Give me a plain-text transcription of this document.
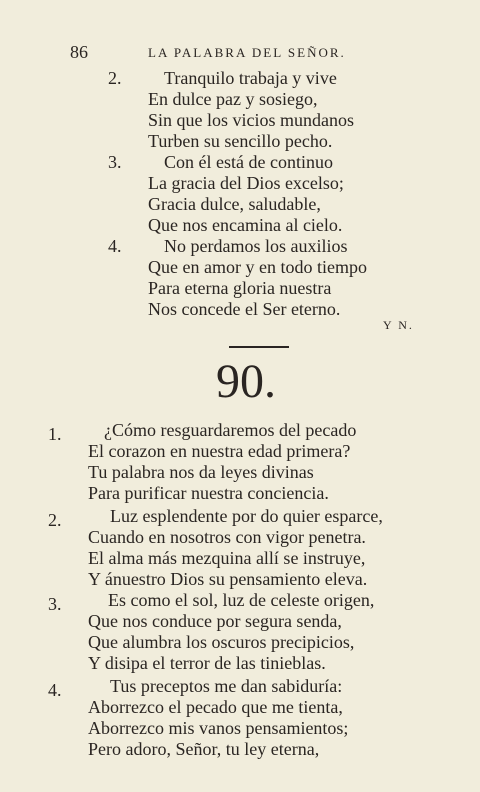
86	LA PALABRA DEL SEÑOR.
2. Tranquilo trabaja y vive
En dulce paz y sosiego,
Sin que los vicios mundanos
Turben su sencillo pecho.
3. Con él está de continuo
La gracia del Dios excelso;
Gracia dulce, saludable,
Que nos encamina al cielo.
4. No perdamos los auxilios
Que en amor y en todo tiempo
Para eterna gloria nuestra
Nos concede el Ser eterno.
Y N.
90.
1. ¿Cómo resguardaremos del pecado
El corazon en nuestra edad primera?
Tu palabra nos da leyes divinas
Para purificar nuestra conciencia.
2.	Luz esplendente por do quier esparce,
Cuando en nosotros con vigor penetra.
El alma más mezquina allí se instruye,
Y ánuestro Dios su pensamiento eleva.
3.	Es como el sol, luz de celeste origen,
Que nos conduce por segura senda,
Que alumbra los oscuros precipicios,
Y disipa el terror de las tinieblas.
4.	Tus preceptos me dan sabiduría:
Aborrezco el pecado que me tienta,
Aborrezco mis vanos pensamientos;
Pero adoro, Señor, tu ley eterna,
